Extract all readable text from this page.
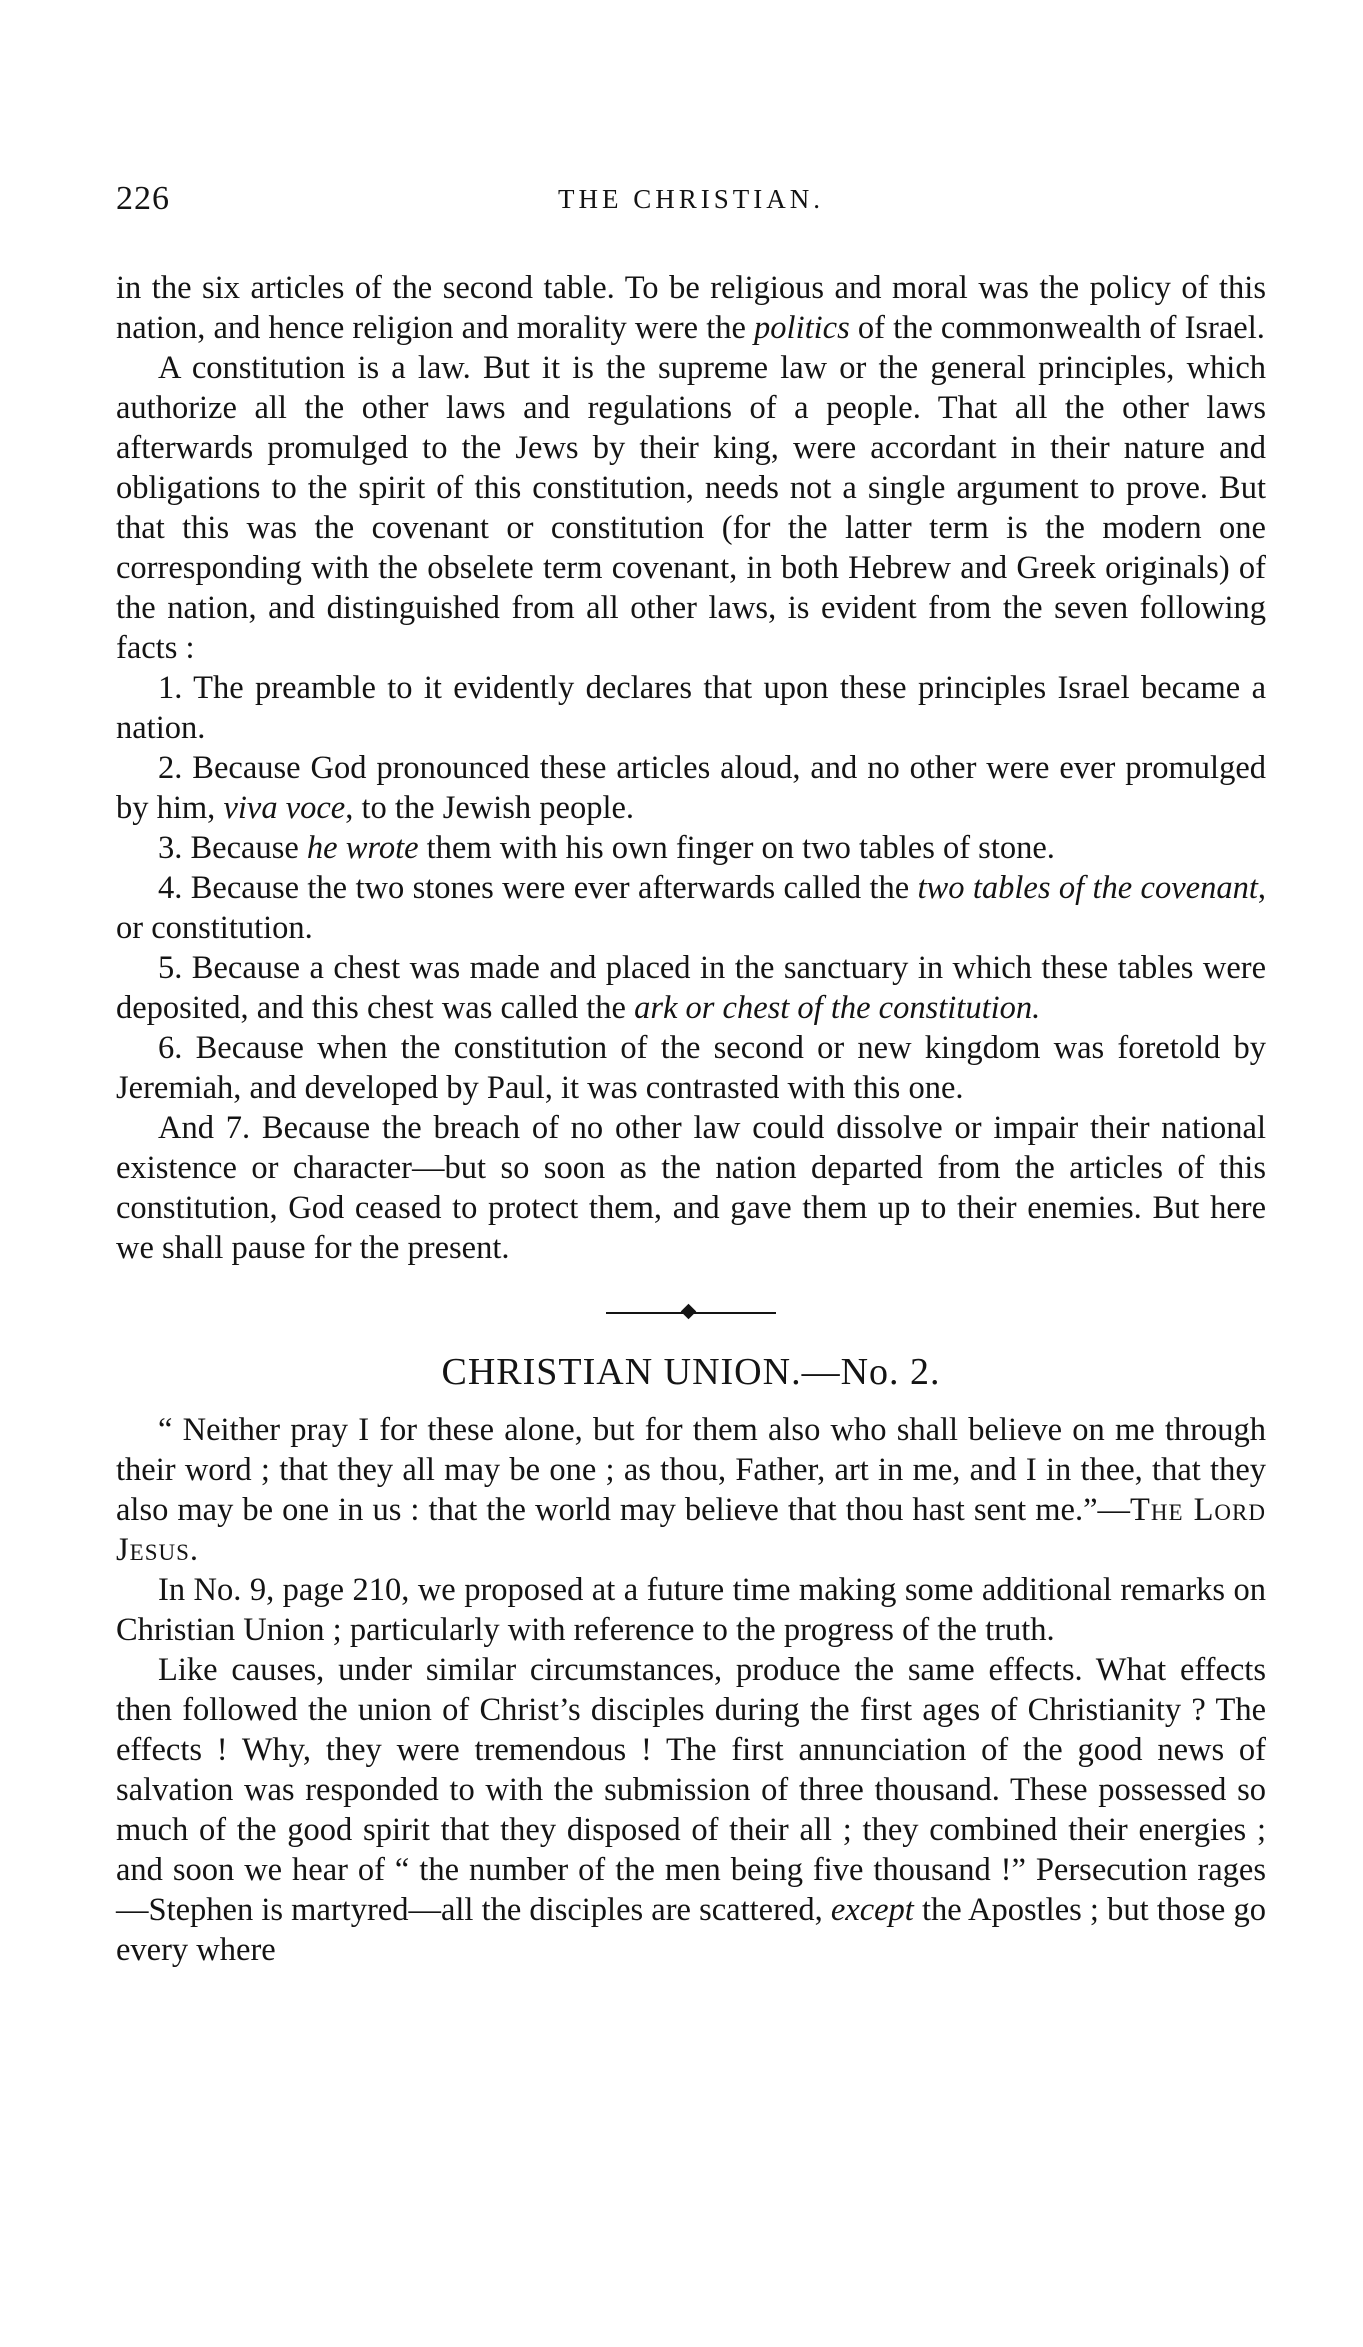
226	THE CHRISTIAN.

in the six articles of the second table. To be religious and moral was the policy of this nation, and hence religion and morality were the politics of the commonwealth of Israel.

A constitution is a law. But it is the supreme law or the general principles, which authorize all the other laws and regulations of a people. That all the other laws afterwards promulged to the Jews by their king, were accordant in their nature and obligations to the spirit of this constitution, needs not a single argument to prove. But that this was the covenant or constitution (for the latter term is the modern one corresponding with the obselete term covenant, in both Hebrew and Greek originals) of the nation, and distinguished from all other laws, is evident from the seven following facts :

1. The preamble to it evidently declares that upon these principles Israel became a nation.

2. Because God pronounced these articles aloud, and no other were ever promulged by him, viva voce, to the Jewish people.

3. Because he wrote them with his own finger on two tables of stone.

4. Because the two stones were ever afterwards called the two tables of the covenant, or constitution.

5. Because a chest was made and placed in the sanctuary in which these tables were deposited, and this chest was called the ark or chest of the constitution.

6. Because when the constitution of the second or new kingdom was foretold by Jeremiah, and developed by Paul, it was contrasted with this one.

And 7. Because the breach of no other law could dissolve or impair their national existence or character—but so soon as the nation departed from the articles of this constitution, God ceased to protect them, and gave them up to their enemies. But here we shall pause for the present.

CHRISTIAN UNION.—No. 2.

“ Neither pray I for these alone, but for them also who shall believe on me through their word ; that they all may be one ; as thou, Father, art in me, and I in thee, that they also may be one in us : that the world may believe that thou hast sent me.”—The Lord Jesus.

In No. 9, page 210, we proposed at a future time making some additional remarks on Christian Union ; particularly with reference to the progress of the truth.

Like causes, under similar circumstances, produce the same effects. What effects then followed the union of Christ’s disciples during the first ages of Christianity ? The effects ! Why, they were tremendous ! The first annunciation of the good news of salvation was responded to with the submission of three thousand. These possessed so much of the good spirit that they disposed of their all ; they combined their energies ; and soon we hear of “ the number of the men being five thousand !” Persecution rages—Stephen is martyred—all the disciples are scattered, except the Apostles ; but those go every where
